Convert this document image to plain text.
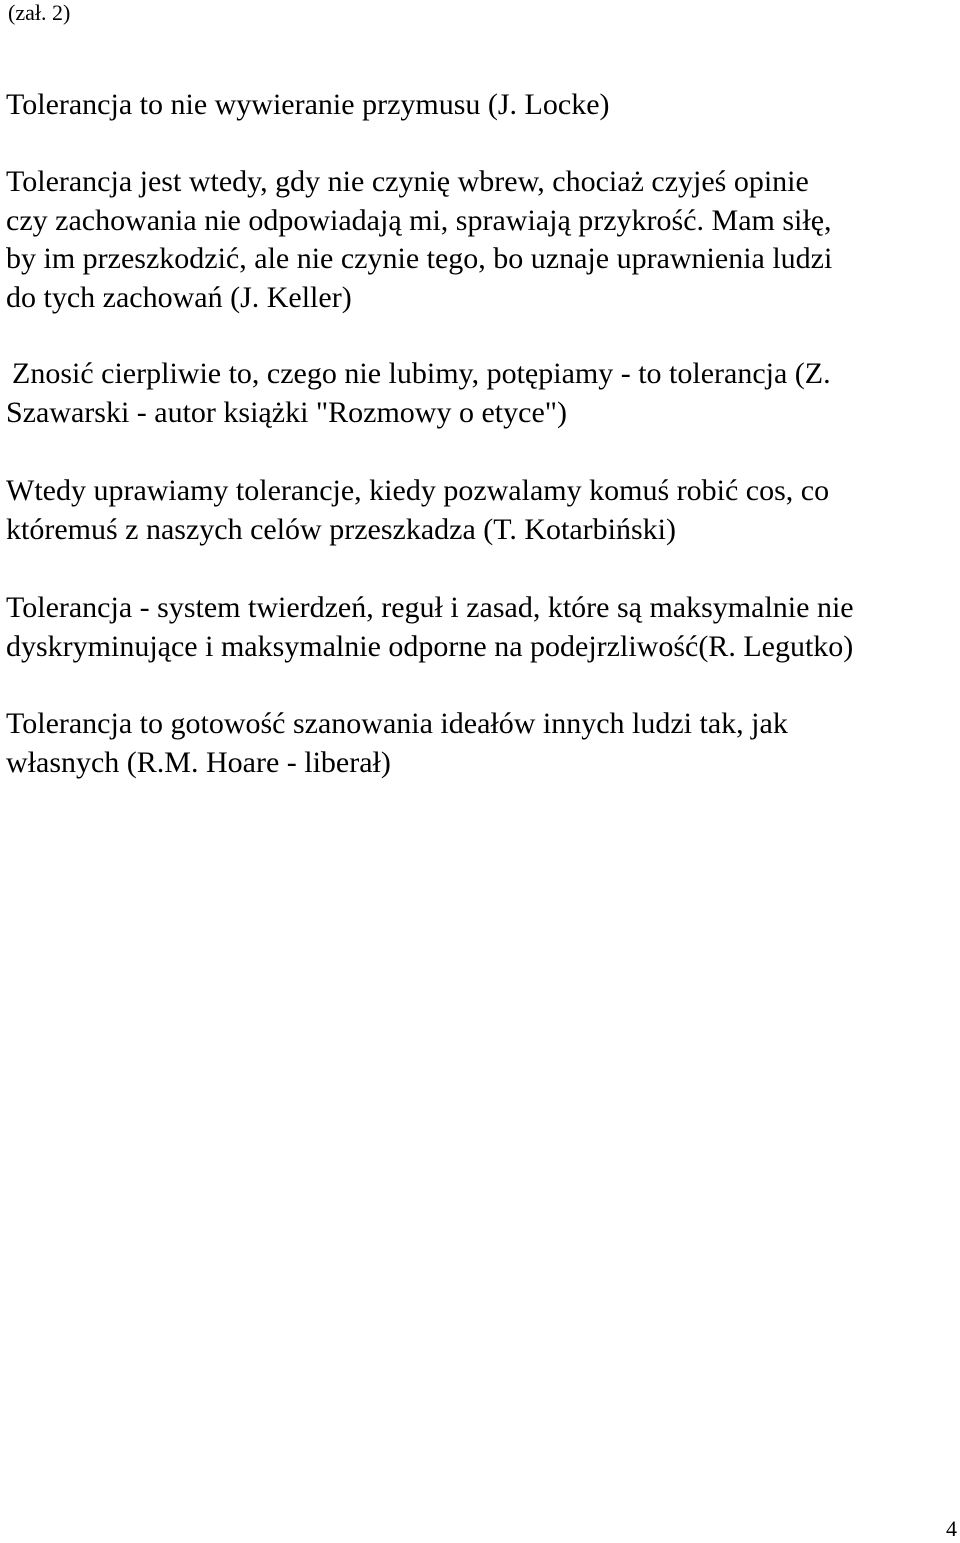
(zał. 2)
Tolerancja to nie wywieranie przymusu (J. Locke)
Tolerancja jest wtedy, gdy nie czynię wbrew, chociaż czyjeś opinie
czy zachowania nie odpowiadają mi, sprawiają przykrość. Mam siłę,
by im przeszkodzić, ale nie czynie tego, bo uznaje uprawnienia ludzi
do tych zachowań (J. Keller)
Znosić cierpliwie to, czego nie lubimy, potępiamy - to tolerancja (Z.
Szawarski - autor książki "Rozmowy o etyce")
Wtedy uprawiamy tolerancje, kiedy pozwalamy komuś robić cos, co
któremuś z naszych celów przeszkadza (T. Kotarbiński)
Tolerancja - system twierdzeń, reguł i zasad, które są maksymalnie nie
dyskryminujące i maksymalnie odporne na podejrzliwość(R. Legutko)
Tolerancja to gotowość szanowania ideałów innych ludzi tak, jak
własnych (R.M. Hoare - liberał)
4
